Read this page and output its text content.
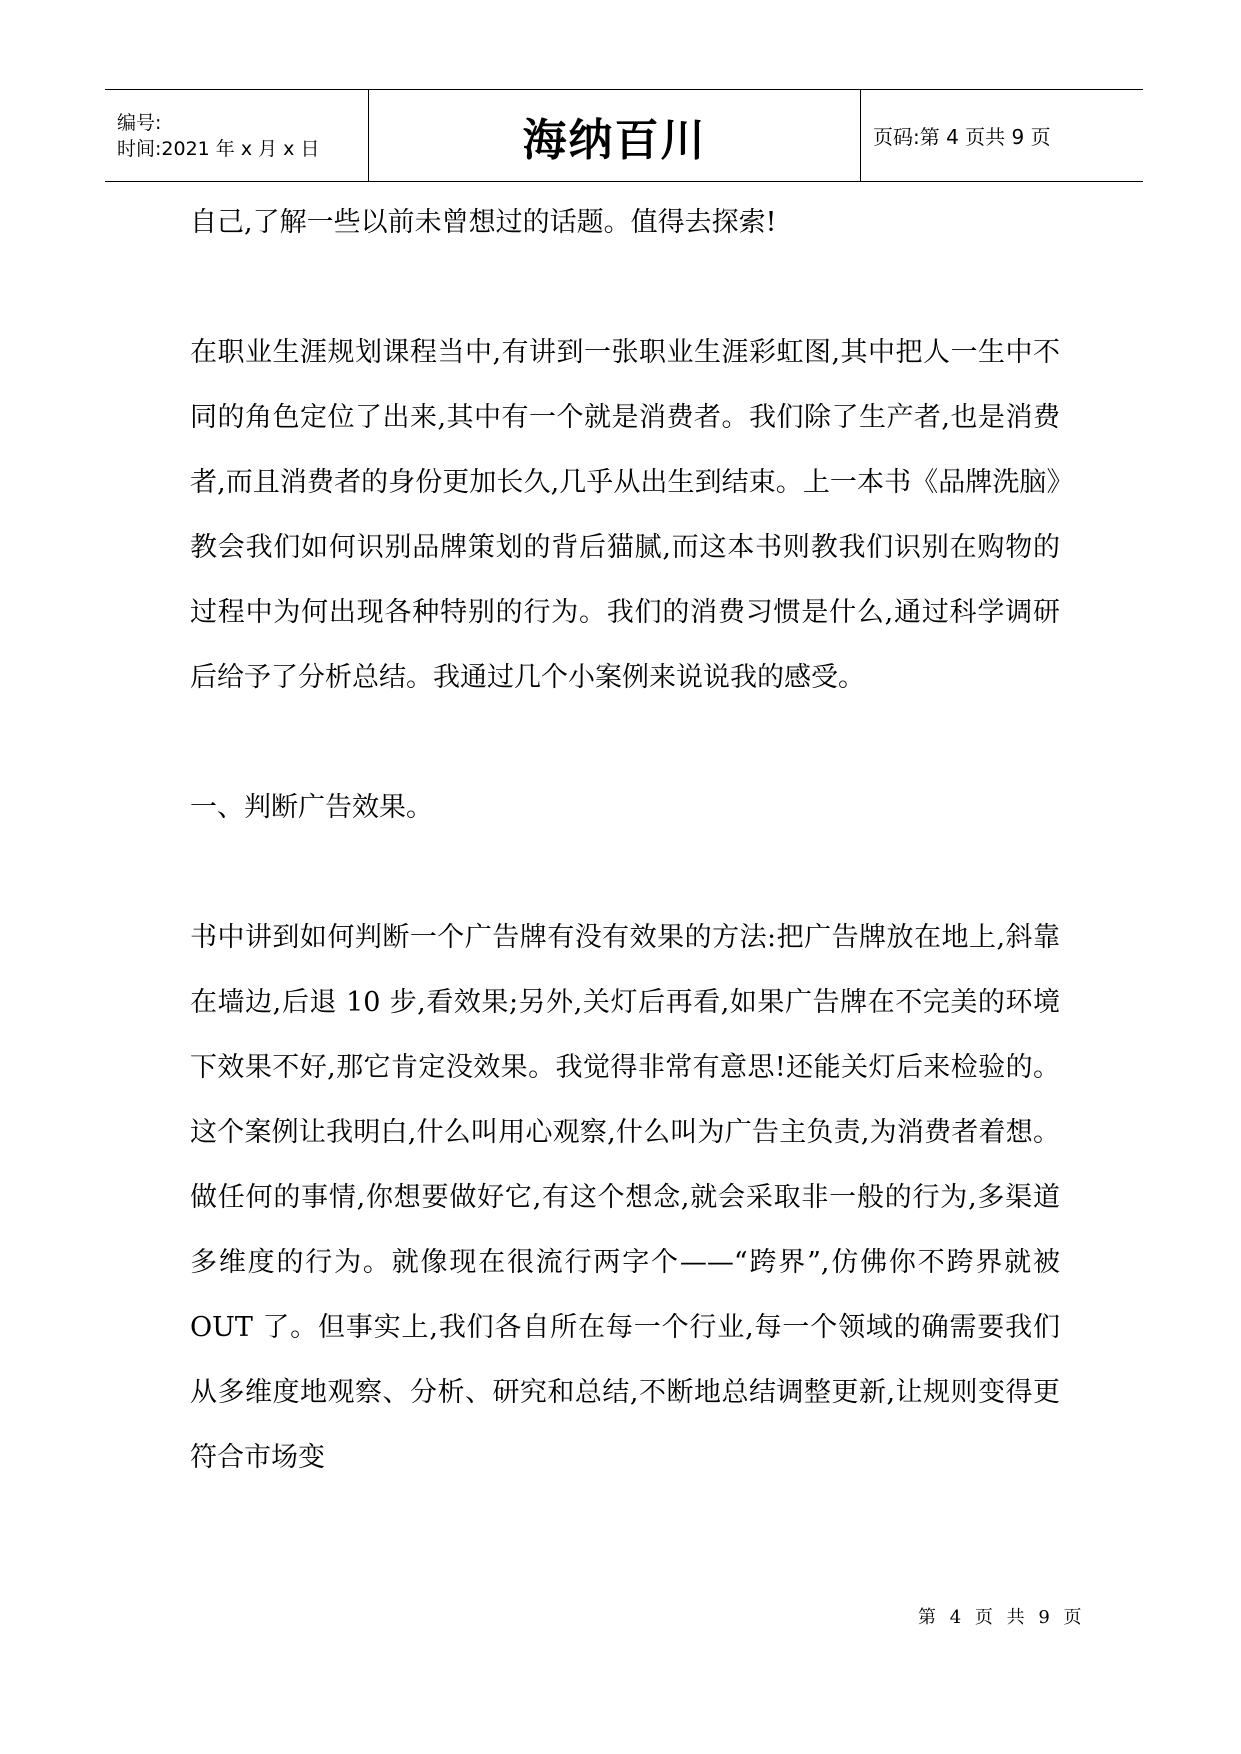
编号:
时间:2021 年 x 月 x 日	海纳百川	页码:第 4 页共 9 页

自己,了解一些以前未曾想过的话题。值得去探索!

在职业生涯规划课程当中,有讲到一张职业生涯彩虹图,其中把人一生中不同的角色定位了出来,其中有一个就是消费者。我们除了生产者,也是消费者,而且消费者的身份更加长久,几乎从出生到结束。上一本书《品牌洗脑》教会我们如何识别品牌策划的背后猫腻,而这本书则教我们识别在购物的过程中为何出现各种特别的行为。我们的消费习惯是什么,通过科学调研后给予了分析总结。我通过几个小案例来说说我的感受。

一、判断广告效果。

书中讲到如何判断一个广告牌有没有效果的方法:把广告牌放在地上,斜靠在墙边,后退 10 步,看效果;另外,关灯后再看,如果广告牌在不完美的环境下效果不好,那它肯定没效果。我觉得非常有意思!还能关灯后来检验的。这个案例让我明白,什么叫用心观察,什么叫为广告主负责,为消费者着想。做任何的事情,你想要做好它,有这个想念,就会采取非一般的行为,多渠道多维度的行为。就像现在很流行两字个——“跨界”,仿佛你不跨界就被 OUT 了。但事实上,我们各自所在每一个行业,每一个领域的确需要我们从多维度地观察、分析、研究和总结,不断地总结调整更新,让规则变得更符合市场变

第 4 页 共 9 页
